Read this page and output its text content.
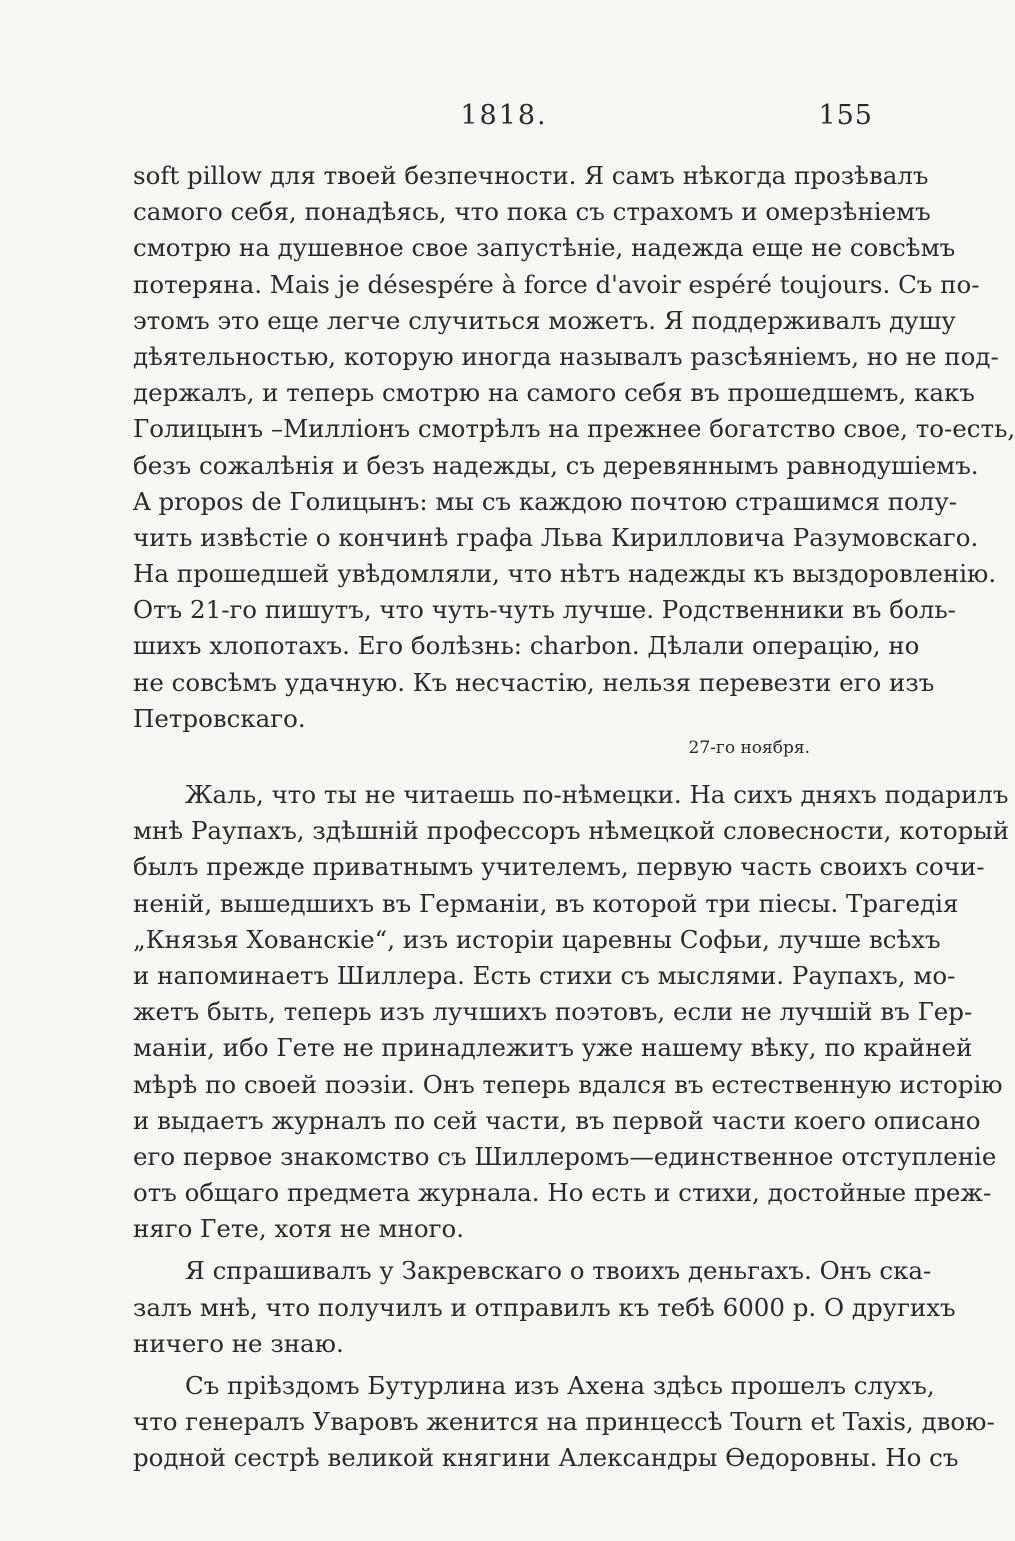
1818.	155
soft pillow для твоей безпечности. Я самъ нѣкогда прозѣвалъ
самого себя, понадѣясь, что пока съ страхомъ и омерзѣніемъ
смотрю на душевное свое запустѣніе, надежда еще не совсѣмъ
потеряна. Mais je désespére à force d'avoir espéré toujours. Съ по-
этомъ это еще легче случиться можетъ. Я поддерживалъ душу
дѣятельностью, которую иногда называлъ разсѣяніемъ, но не под-
держалъ, и теперь смотрю на самого себя въ прошедшемъ, какъ
Голицынъ –Милліонъ смотрѣлъ на прежнее богатство свое, то-есть,
безъ сожалѣнія и безъ надежды, съ деревяннымъ равнодушіемъ.
A propos de Голицынъ: мы съ каждою почтою страшимся полу-
чить извѣстіе о кончинѣ графа Льва Кирилловича Разумовскаго.
На прошедшей увѣдомляли, что нѣтъ надежды къ выздоровленію.
Отъ 21-го пишутъ, что чуть-чуть лучше. Родственники въ боль-
шихъ хлопотахъ. Его болѣзнь: charbon. Дѣлали операцію, но
не совсѣмъ удачную. Къ несчастію, нельзя перевезти его изъ
Петровскаго.
27-го ноября.
Жаль, что ты не читаешь по-нѣмецки. На сихъ дняхъ подарилъ
мнѣ Раупахъ, здѣшній профессоръ нѣмецкой словесности, который
былъ прежде приватнымъ учителемъ, первую часть своихъ сочи-
неній, вышедшихъ въ Германіи, въ которой три піесы. Трагедія
„Князья Хованскіе“, изъ исторіи царевны Софьи, лучше всѣхъ
и напоминаетъ Шиллера. Есть стихи съ мыслями. Раупахъ, мо-
жетъ быть, теперь изъ лучшихъ поэтовъ, если не лучшій въ Гер-
маніи, ибо Гете не принадлежитъ уже нашему вѣку, по крайней
мѣрѣ по своей поэзіи. Онъ теперь вдался въ естественную исторію
и выдаетъ журналъ по сей части, въ первой части коего описано
его первое знакомство съ Шиллеромъ—единственное отступленіе
отъ общаго предмета журнала. Но есть и стихи, достойные преж-
няго Гете, хотя не много.
Я спрашивалъ у Закревскаго о твоихъ деньгахъ. Онъ ска-
залъ мнѣ, что получилъ и отправилъ къ тебѣ 6000 р. О другихъ
ничего не знаю.
Съ пріѣздомъ Бутурлина изъ Ахена здѣсь прошелъ слухъ,
что генералъ Уваровъ женится на принцессѣ Tourn et Taxis, двою-
родной сестрѣ великой княгини Александры Өедоровны. Но съ
